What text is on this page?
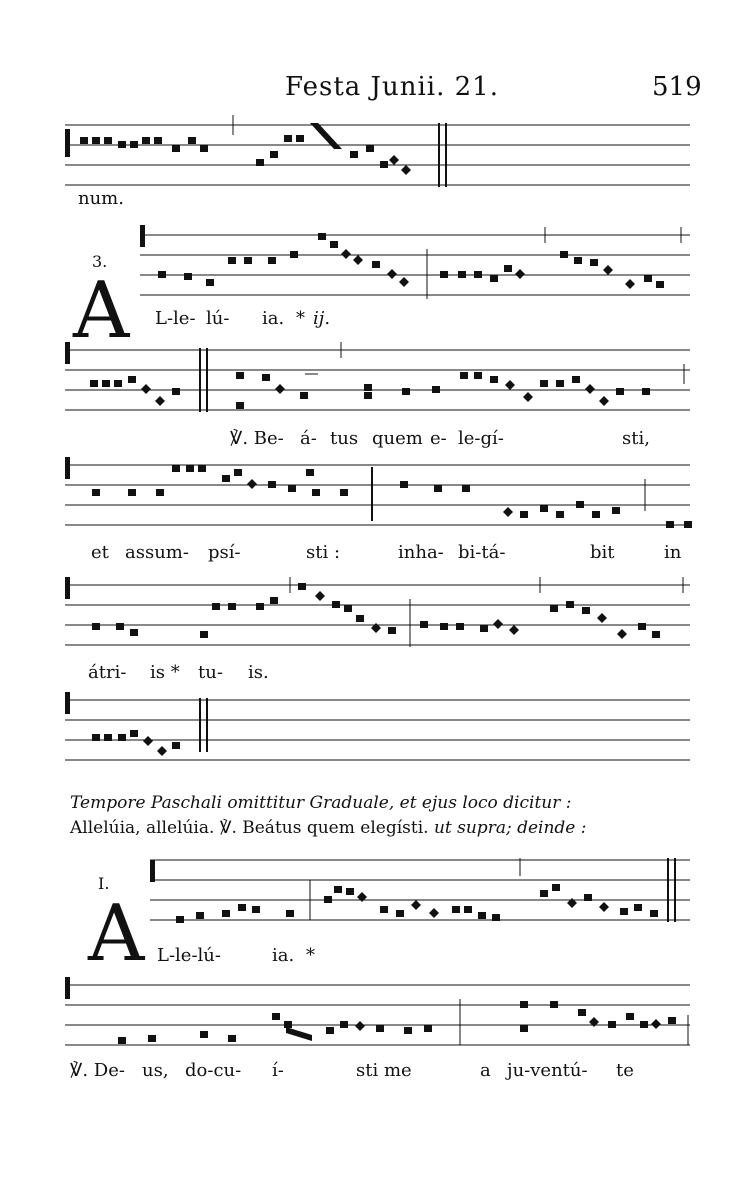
Festa Junii. 21.	519
num.
3.
A L-le- lú- ia. * ij.
℣. Be- á- tus quem e- le-gí-	sti,
et assum- psí-	sti :	inha- bi-tá-	bit	in
átri- is * tu- is.
Tempore Paschali omittitur Graduale, et ejus loco dicitur :
Allelúia, allelúia. ℣. Beátus quem elegísti. ut supra; deinde :
I.
A L-le-lú-	ia. *
℣. De- us, do-cu- í-	sti me	a ju-ventú- te
